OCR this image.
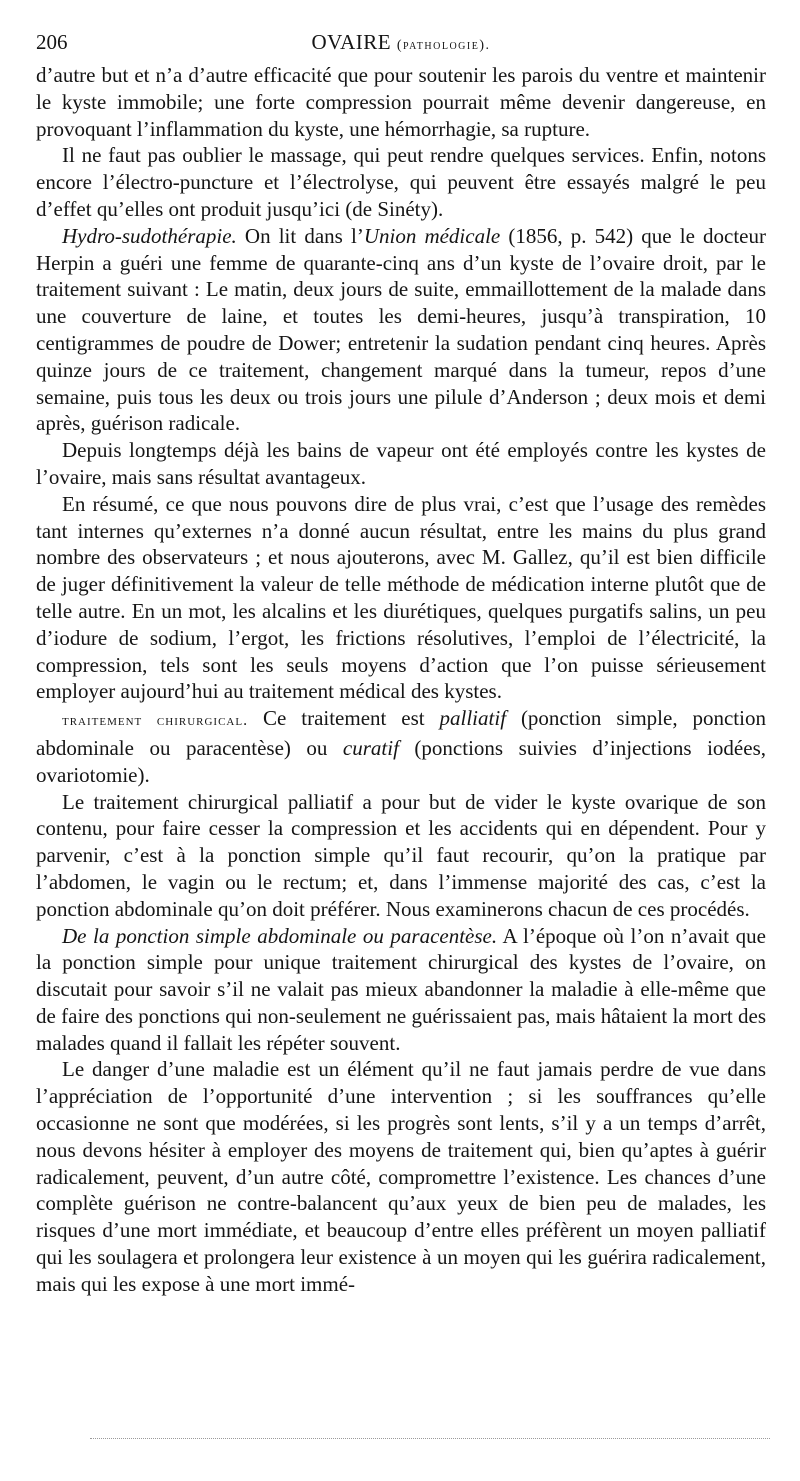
206	OVAIRE (pathologie).

d’autre but et n’a d’autre efficacité que pour soutenir les parois du ventre et maintenir le kyste immobile; une forte compression pourrait même devenir dangereuse, en provoquant l’inflammation du kyste, une hémorrhagie, sa rupture.

Il ne faut pas oublier le massage, qui peut rendre quelques services. Enfin, notons encore l’électro-puncture et l’électrolyse, qui peuvent être essayés malgré le peu d’effet qu’elles ont produit jusqu’ici (de Sinéty).

Hydro-sudothérapie. On lit dans l’Union médicale (1856, p. 542) que le docteur Herpin a guéri une femme de quarante-cinq ans d’un kyste de l’ovaire droit, par le traitement suivant : Le matin, deux jours de suite, emmaillottement de la malade dans une couverture de laine, et toutes les demi-heures, jusqu’à transpiration, 10 centigrammes de poudre de Dower; entretenir la sudation pendant cinq heures. Après quinze jours de ce traitement, changement marqué dans la tumeur, repos d’une semaine, puis tous les deux ou trois jours une pilule d’Anderson ; deux mois et demi après, guérison radicale.

Depuis longtemps déjà les bains de vapeur ont été employés contre les kystes de l’ovaire, mais sans résultat avantageux.

En résumé, ce que nous pouvons dire de plus vrai, c’est que l’usage des remèdes tant internes qu’externes n’a donné aucun résultat, entre les mains du plus grand nombre des observateurs ; et nous ajouterons, avec M. Gallez, qu’il est bien difficile de juger définitivement la valeur de telle méthode de médication interne plutôt que de telle autre. En un mot, les alcalins et les diurétiques, quelques purgatifs salins, un peu d’iodure de sodium, l’ergot, les frictions résolutives, l’emploi de l’électricité, la compression, tels sont les seuls moyens d’action que l’on puisse sérieusement employer aujourd’hui au traitement médical des kystes.

traitement chirurgical. Ce traitement est palliatif (ponction simple, ponction abdominale ou paracentèse) ou curatif (ponctions suivies d’injections iodées, ovariotomie).

Le traitement chirurgical palliatif a pour but de vider le kyste ovarique de son contenu, pour faire cesser la compression et les accidents qui en dépendent. Pour y parvenir, c’est à la ponction simple qu’il faut recourir, qu’on la pratique par l’abdomen, le vagin ou le rectum; et, dans l’immense majorité des cas, c’est la ponction abdominale qu’on doit préférer. Nous examinerons chacun de ces procédés.

De la ponction simple abdominale ou paracentèse. A l’époque où l’on n’avait que la ponction simple pour unique traitement chirurgical des kystes de l’ovaire, on discutait pour savoir s’il ne valait pas mieux abandonner la maladie à elle-même que de faire des ponctions qui non-seulement ne guérissaient pas, mais hâtaient la mort des malades quand il fallait les répéter souvent.

Le danger d’une maladie est un élément qu’il ne faut jamais perdre de vue dans l’appréciation de l’opportunité d’une intervention ; si les souffrances qu’elle occasionne ne sont que modérées, si les progrès sont lents, s’il y a un temps d’arrêt, nous devons hésiter à employer des moyens de traitement qui, bien qu’aptes à guérir radicalement, peuvent, d’un autre côté, compromettre l’existence. Les chances d’une complète guérison ne contre-balancent qu’aux yeux de bien peu de malades, les risques d’une mort immédiate, et beaucoup d’entre elles préfèrent un moyen palliatif qui les soulagera et prolongera leur existence à un moyen qui les guérira radicalement, mais qui les expose à une mort immé-
